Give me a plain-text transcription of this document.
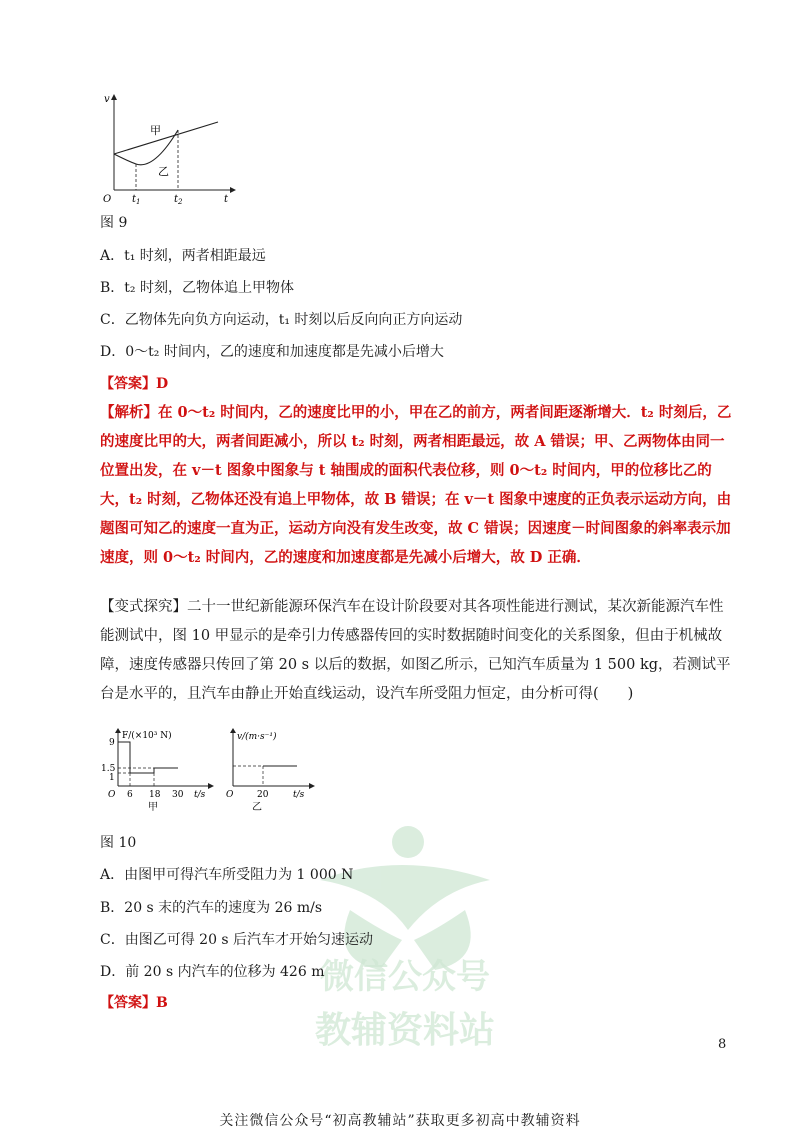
v
t
O
甲
乙
$t_1$	$t_2$
图 9
A．t₁ 时刻，两者相距最远
B．t₂ 时刻，乙物体追上甲物体
C．乙物体先向负方向运动，t₁ 时刻以后反向向正方向运动
D．0～t₂ 时间内，乙的速度和加速度都是先减小后增大
【答案】D
【解析】在 0～t₂ 时间内，乙的速度比甲的小，甲在乙的前方，两者间距逐渐增大．t₂ 时刻后，乙的速度比甲的大，两者间距减小，所以 t₂ 时刻，两者相距最远，故 A 错误；甲、乙两物体由同一位置出发，在 v－t 图象中图象与 t 轴围成的面积代表位移，则 0～t₂ 时间内，甲的位移比乙的大，t₂ 时刻，乙物体还没有追上甲物体，故 B 错误；在 v－t 图象中速度的正负表示运动方向，由题图可知乙的速度一直为正，运动方向没有发生改变，故 C 错误；因速度－时间图象的斜率表示加速度，则 0～t₂ 时间内，乙的速度和加速度都是先减小后增大，故 D 正确．
【变式探究】二十一世纪新能源环保汽车在设计阶段要对其各项性能进行测试，某次新能源汽车性能测试中，图 10 甲显示的是牵引力传感器传回的实时数据随时间变化的关系图象，但由于机械故障，速度传感器只传回了第 20 s 以后的数据，如图乙所示，已知汽车质量为 1 500 kg，若测试平台是水平的，且汽车由静止开始直线运动，设汽车所受阻力恒定，由分析可得(　　)
F/(×10³ N)
9
1.5
1
6 18 30 t/s
O
甲
v/(m·s⁻¹)
20	t/s
O
乙
微信公众号
教辅资料站
图 10
A．由图甲可得汽车所受阻力为 1 000 N
B．20 s 末的汽车的速度为 26 m/s
C．由图乙可得 20 s 后汽车才开始匀速运动
D．前 20 s 内汽车的位移为 426 m
【答案】B
8
关注微信公众号“初高教辅站”获取更多初高中教辅资料
